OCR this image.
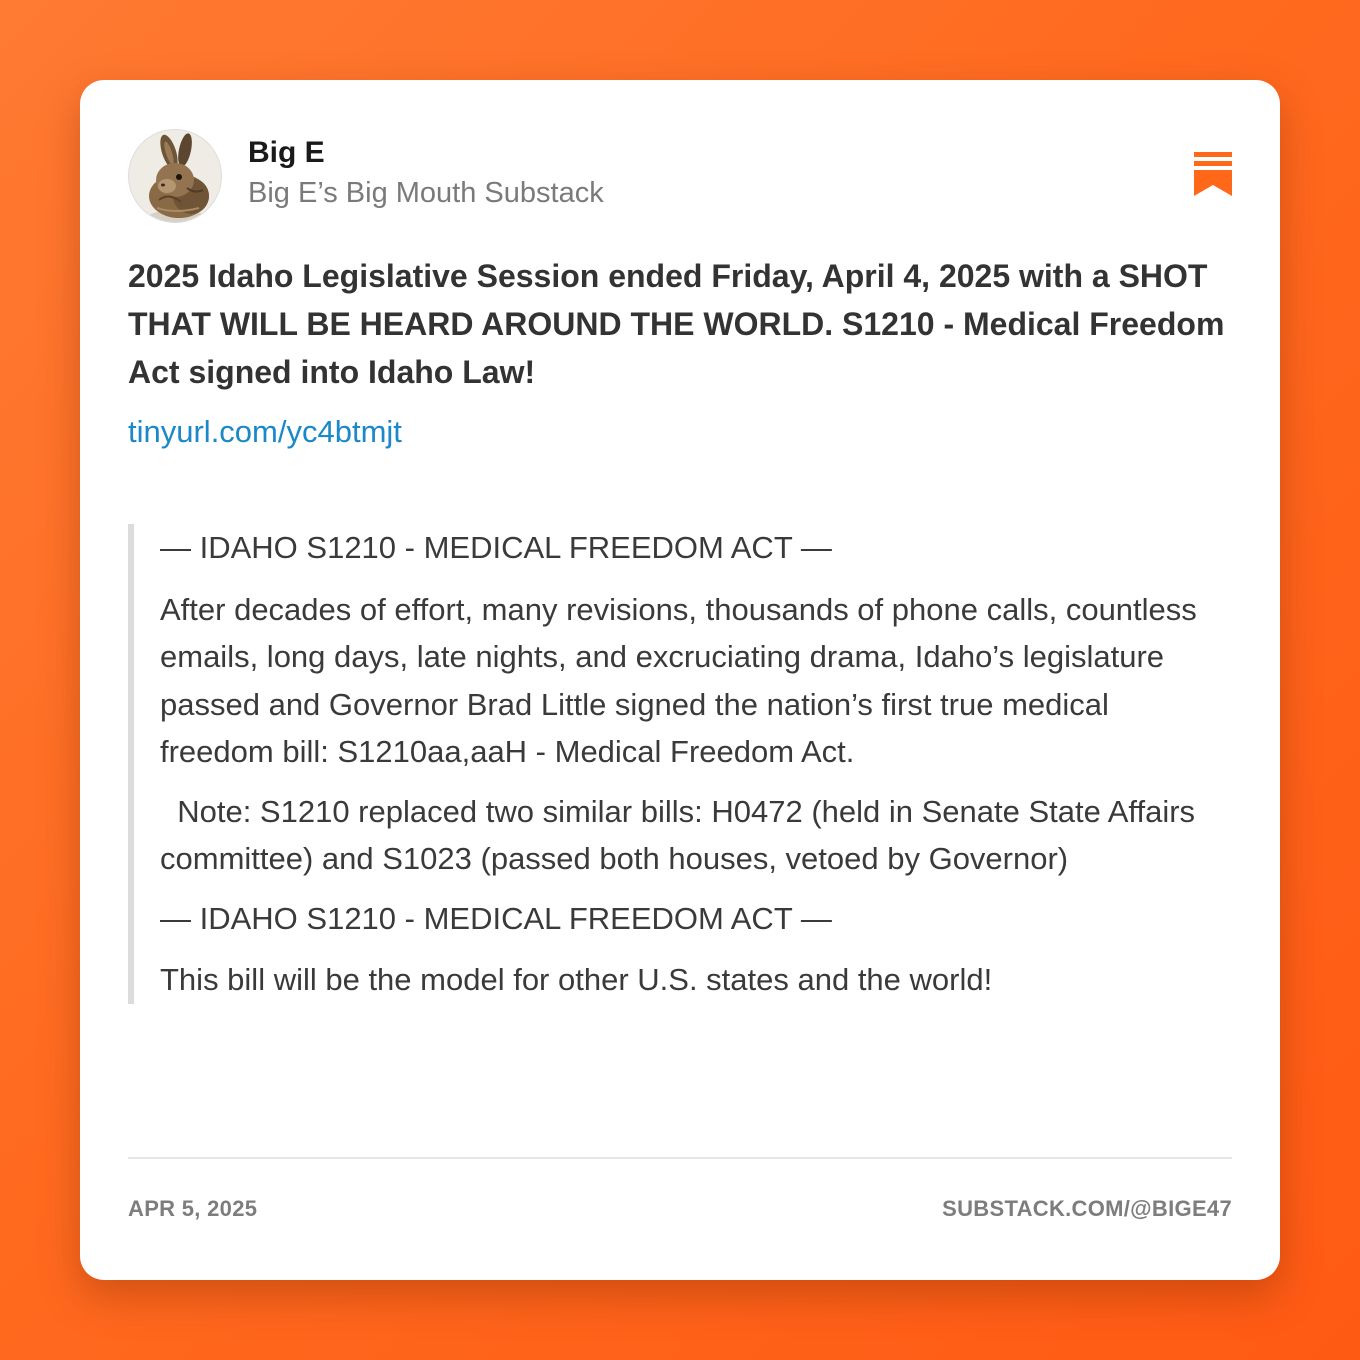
Big E
Big E’s Big Mouth Substack
2025 Idaho Legislative Session ended Friday, April 4, 2025 with a SHOT THAT WILL BE HEARD AROUND THE WORLD. S1210 - Medical Freedom Act signed into Idaho Law!
tinyurl.com/yc4btmjt

— IDAHO S1210 - MEDICAL FREEDOM ACT —

After decades of effort, many revisions, thousands of phone calls, countless emails, long days, late nights, and excruciating drama, Idaho’s legislature passed and Governor Brad Little signed the nation’s first true medical freedom bill: S1210aa,aaH - Medical Freedom Act.

Note: S1210 replaced two similar bills: H0472 (held in Senate State Affairs committee) and S1023 (passed both houses, vetoed by Governor)

— IDAHO S1210 - MEDICAL FREEDOM ACT —

This bill will be the model for other U.S. states and the world!

APR 5, 2025	SUBSTACK.COM/@BIGE47
